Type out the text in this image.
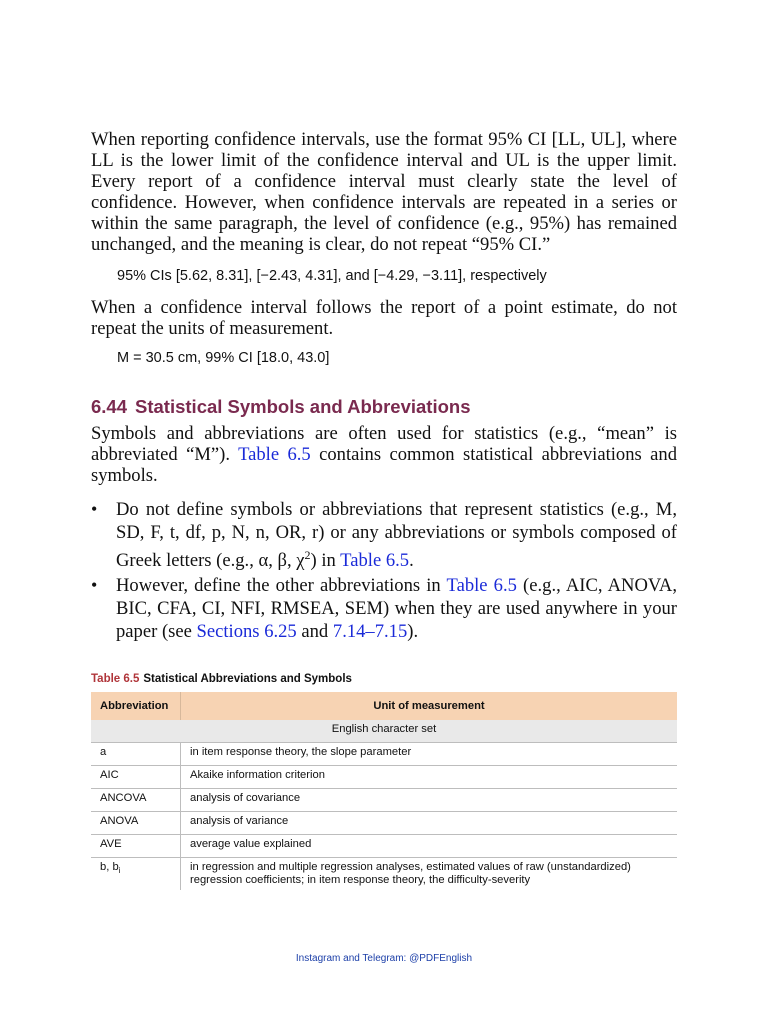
When reporting confidence intervals, use the format 95% CI [LL, UL], where LL is the lower limit of the confidence interval and UL is the upper limit. Every report of a confidence interval must clearly state the level of confidence. However, when confidence intervals are repeated in a series or within the same paragraph, the level of confidence (e.g., 95%) has remained unchanged, and the meaning is clear, do not repeat “95% CI.”

95% CIs [5.62, 8.31], [−2.43, 4.31], and [−4.29, −3.11], respectively

When a confidence interval follows the report of a point estimate, do not repeat the units of measurement.

M = 30.5 cm, 99% CI [18.0, 43.0]

6.44 Statistical Symbols and Abbreviations

Symbols and abbreviations are often used for statistics (e.g., “mean” is abbreviated “M”). Table 6.5 contains common statistical abbreviations and symbols.

• Do not define symbols or abbreviations that represent statistics (e.g., M, SD, F, t, df, p, N, n, OR, r) or any abbreviations or symbols composed of Greek letters (e.g., α, β, $\chi^2$) in Table 6.5.
• However, define the other abbreviations in Table 6.5 (e.g., AIC, ANOVA, BIC, CFA, CI, NFI, RMSEA, SEM) when they are used anywhere in your paper (see Sections 6.25 and 7.14–7.15).

Table 6.5 Statistical Abbreviations and Symbols

Abbreviation	Unit of measurement
English character set	
a	in item response theory, the slope parameter
AIC	Akaike information criterion
ANCOVA	analysis of covariance
ANOVA	analysis of variance
AVE	average value explained
b, $b_i$	in regression and multiple regression analyses, estimated values of raw (unstandardized) regression coefficients; in item response theory, the difficulty-severity

Instagram and Telegram: @PDFEnglish
